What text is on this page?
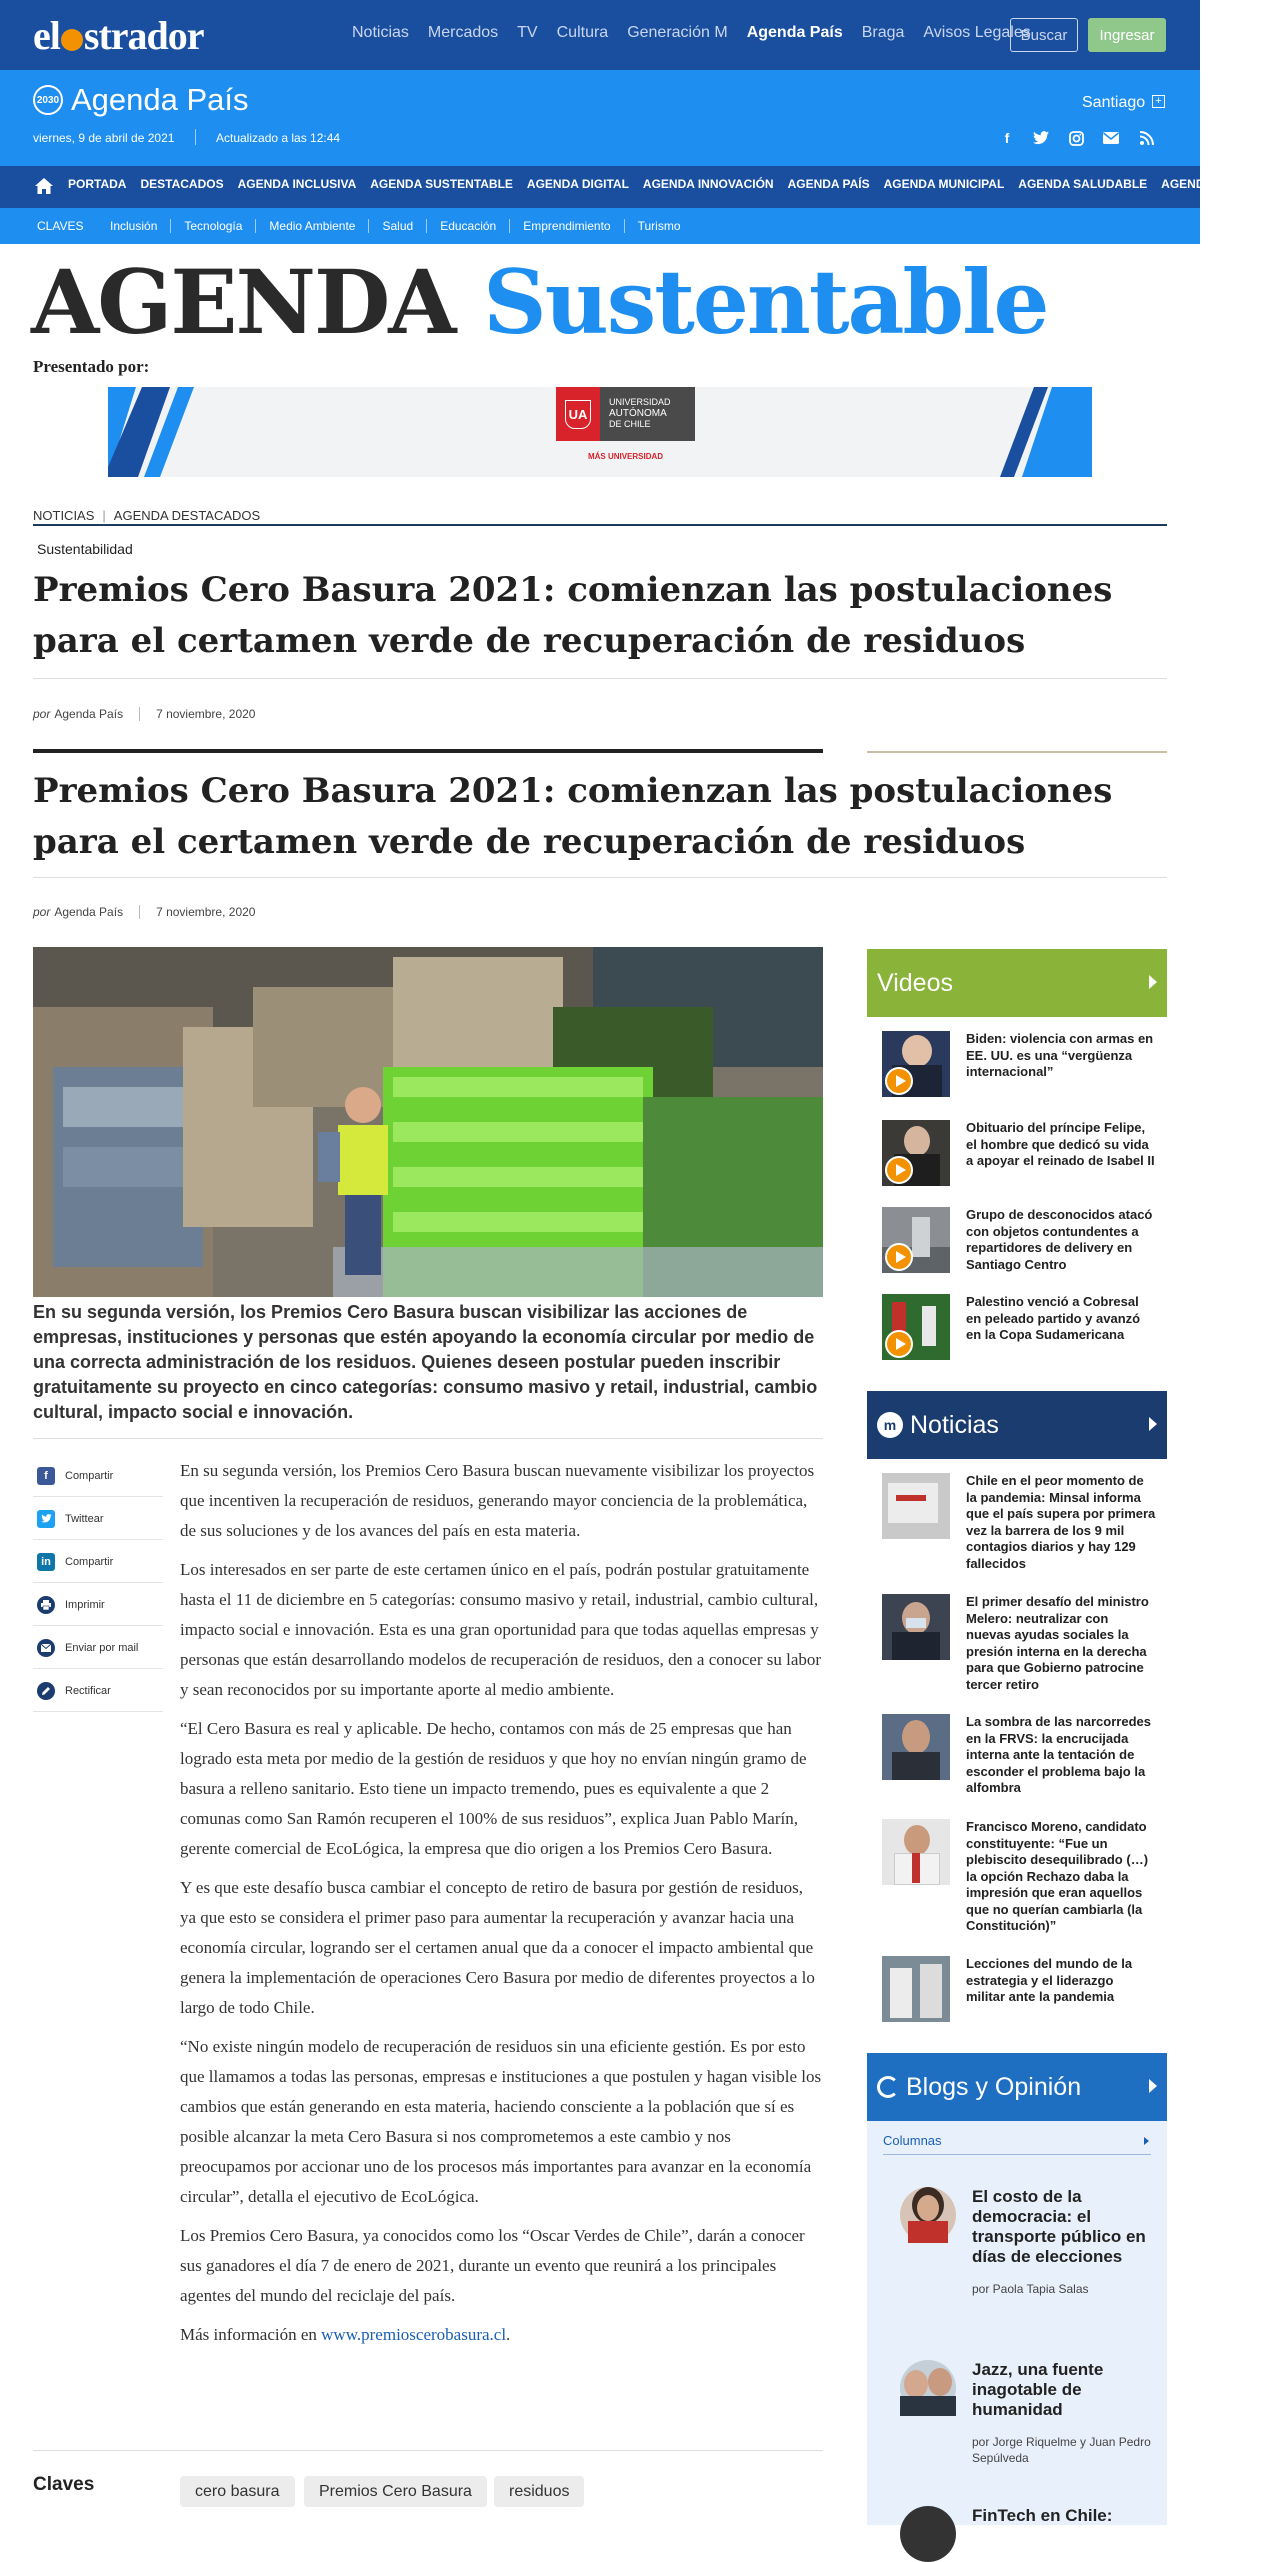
el strador	Noticias Mercados TV Cultura Generación M Agenda País Braga Avisos Legales
Buscar	Ingresar
2030 Agenda País
viernes, 9 de abril de 2021	Actualizado a las 12:44
Santiago +
f
PORTADA DESTACADOS AGENDA INCLUSIVA AGENDA SUSTENTABLE AGENDA DIGITAL AGENDA INNOVACIÓN AGENDA PAÍS AGENDA MUNICIPAL AGENDA SALUDABLE AGENDA NIÑEZ
CLAVES Inclusión	Tecnología	Medio Ambiente	Salud	Educación	Emprendimiento	Turismo
AGENDA Sustentable
Presentado por:
UA
UNIVERSIDAD
AUTÓNOMA
DE CHILE
MÁS UNIVERSIDAD
NOTICIAS | AGENDA DESTACADOS
Sustentabilidad
Premios Cero Basura 2021: comienzan las postulaciones para el certamen verde de recuperación de residuos
por Agenda País	7 noviembre, 2020
Premios Cero Basura 2021: comienzan las postulaciones para el certamen verde de recuperación de residuos
por Agenda País	7 noviembre, 2020
En su segunda versión, los Premios Cero Basura buscan visibilizar las acciones de empresas, instituciones y personas que estén apoyando la economía circular por medio de una correcta administración de los residuos. Quienes deseen postular pueden inscribir gratuitamente su proyecto en cinco categorías: consumo masivo y retail, industrial, cambio cultural, impacto social e innovación.
f	Compartir
Twittear
in	Compartir
Imprimir
Enviar por mail
Rectificar

En su segunda versión, los Premios Cero Basura buscan nuevamente visibilizar los proyectos que incentiven la recuperación de residuos, generando mayor conciencia de la problemática, de sus soluciones y de los avances del país en esta materia.

Los interesados en ser parte de este certamen único en el país, podrán postular gratuitamente hasta el 11 de diciembre en 5 categorías: consumo masivo y retail, industrial, cambio cultural, impacto social e innovación. Esta es una gran oportunidad para que todas aquellas empresas y personas que están desarrollando modelos de recuperación de residuos, den a conocer su labor y sean reconocidos por su importante aporte al medio ambiente.

“El Cero Basura es real y aplicable. De hecho, contamos con más de 25 empresas que han logrado esta meta por medio de la gestión de residuos y que hoy no envían ningún gramo de basura a relleno sanitario. Esto tiene un impacto tremendo, pues es equivalente a que 2 comunas como San Ramón recuperen el 100% de sus residuos”, explica Juan Pablo Marín, gerente comercial de EcoLógica, la empresa que dio origen a los Premios Cero Basura.

Y es que este desafío busca cambiar el concepto de retiro de basura por gestión de residuos, ya que esto se considera el primer paso para aumentar la recuperación y avanzar hacia una economía circular, logrando ser el certamen anual que da a conocer el impacto ambiental que genera la implementación de operaciones Cero Basura por medio de diferentes proyectos a lo largo de todo Chile.

“No existe ningún modelo de recuperación de residuos sin una eficiente gestión. Es por esto que llamamos a todas las personas, empresas e instituciones a que postulen y hagan visible los cambios que están generando en esta materia, haciendo consciente a la población que sí es posible alcanzar la meta Cero Basura si nos comprometemos a este cambio y nos preocupamos por accionar uno de los procesos más importantes para avanzar en la economía circular”, detalla el ejecutivo de EcoLógica.

Los Premios Cero Basura, ya conocidos como los “Oscar Verdes de Chile”, darán a conocer sus ganadores el día 7 de enero de 2021, durante un evento que reunirá a los principales agentes del mundo del reciclaje del país.

Más información en www.premioscerobasura.cl.

Claves	cero basura	Premios Cero Basura	residuos
Videos
Biden: violencia con armas en EE. UU. es una “vergüenza internacional”
Obituario del príncipe Felipe, el hombre que dedicó su vida a apoyar el reinado de Isabel II
Grupo de desconocidos atacó con objetos contundentes a repartidores de delivery en Santiago Centro
Palestino venció a Cobresal en peleado partido y avanzó en la Copa Sudamericana
m Noticias
Chile en el peor momento de la pandemia: Minsal informa que el país supera por primera vez la barrera de los 9 mil contagios diarios y hay 129 fallecidos
El primer desafío del ministro Melero: neutralizar con nuevas ayudas sociales la presión interna en la derecha para que Gobierno patrocine tercer retiro
La sombra de las narcorredes en la FRVS: la encrucijada interna ante la tentación de esconder el problema bajo la alfombra
Francisco Moreno, candidato constituyente: “Fue un plebiscito desequilibrado (…) la opción Rechazo daba la impresión que eran aquellos que no querían cambiarla (la Constitución)”
Lecciones del mundo de la estrategia y el liderazgo militar ante la pandemia
Blogs y Opinión
Columnas
El costo de la democracia: el transporte público en días de elecciones
por Paola Tapia Salas
Jazz, una fuente inagotable de humanidad
por Jorge Riquelme y Juan Pedro Sepúlveda
FinTech en Chile:
